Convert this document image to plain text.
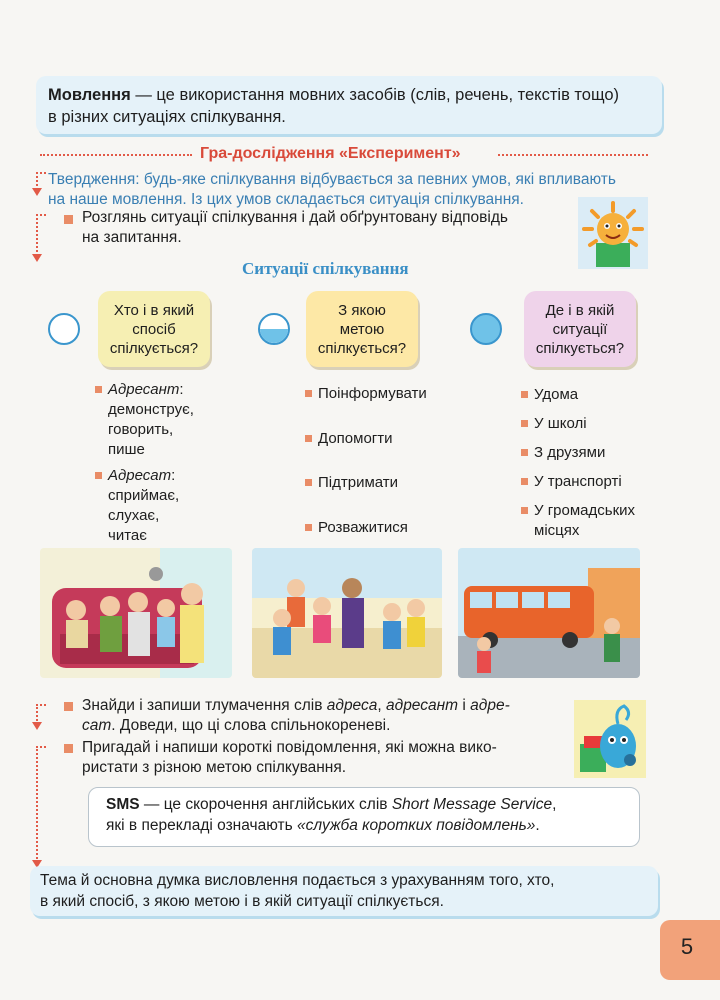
Мовлення — це використання мовних засобів (слів, речень, текстів тощо)
в різних ситуаціях спілкування.
Гра-дослідження «Експеримент»
Твердження: будь-яке спілкування відбувається за певних умов, які впливають
на наше мовлення. Із цих умов складається ситуація спілкування.
Розглянь ситуації спілкування і дай обґрунтовану відповідь
на запитання.
Ситуації спілкування
Хто і в який
спосіб
спілкується?
З якою
метою
спілкується?
Де і в якій
ситуації
спілкується?
Адресант:
демонструє,
говорить,
пише
Адресат:
сприймає,
слухає,
читає
Поінформувати
Допомогти
Підтримати
Розважитися
Удома
У школі
З друзями
У транспорті
У громадських
місцях
Знайди і запиши тлумачення слів адреса, адресант і адре-
сат. Доведи, що ці слова спільнокореневі.
Пригадай і напиши короткі повідомлення, які можна вико-
ристати з різною метою спілкування.
SMS — це скорочення англійських слів Short Message Service,
які в перекладі означають «служба коротких повідомлень».
Тема й основна думка висловлення подається з урахуванням того, хто,
в який спосіб, з якою метою і в якій ситуації спілкується.
5
